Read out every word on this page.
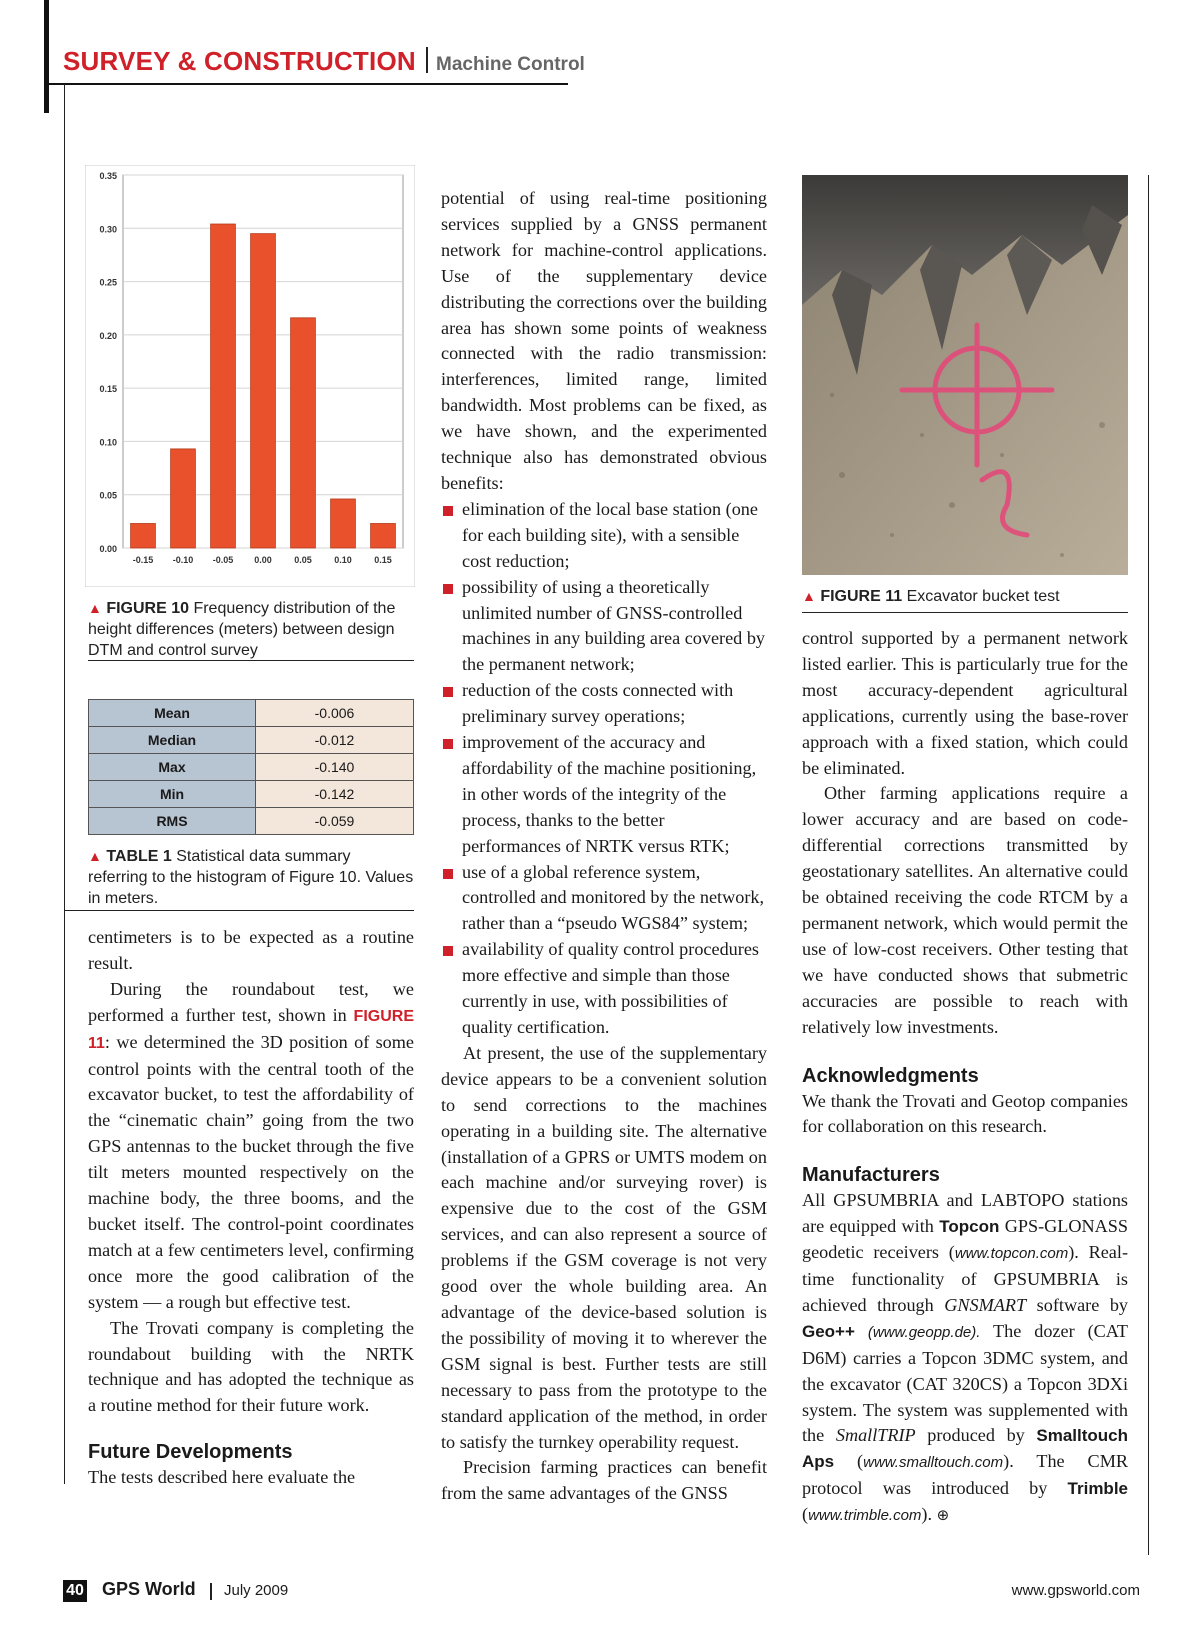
SURVEY & CONSTRUCTION Machine Control
0.35
0.30
0.25
0.20
0.15
0.10
0.05
0.00
-0.15 -0.10 -0.05 0.00 0.05 0.10 0.15
▲ FIGURE 10 Frequency distribution of the height differences (meters) between design DTM and control survey
Mean	-0.006
Median	-0.012
Max	-0.140
Min	-0.142
RMS	-0.059
▲ TABLE 1 Statistical data summary referring to the histogram of Figure 10. Values in meters.

centimeters is to be expected as a routine result.

During the roundabout test, we performed a further test, shown in FIGURE 11: we determined the 3D position of some control points with the central tooth of the excavator bucket, to test the affordability of the “cinematic chain” going from the two GPS antennas to the bucket through the five tilt meters mounted respectively on the machine body, the three booms, and the bucket itself. The control-point coordinates match at a few centimeters level, confirming once more the good calibration of the system — a rough but effective test.

The Trovati company is completing the roundabout building with the NRTK technique and has adopted the technique as a routine method for their future work.

Future Developments

The tests described here evaluate the

potential of using real-time positioning services supplied by a GNSS permanent network for machine-control applications. Use of the supplementary device distributing the corrections over the building area has shown some points of weakness connected with the radio transmission: interferences, limited range, limited bandwidth. Most problems can be fixed, as we have shown, and the experimented technique also has demonstrated obvious benefits:

elimination of the local base station (one for each building site), with a sensible cost reduction;
possibility of using a theoretically unlimited number of GNSS-controlled machines in any building area covered by the permanent network;
reduction of the costs connected with preliminary survey operations;
improvement of the accuracy and affordability of the machine positioning, in other words of the integrity of the process, thanks to the better performances of NRTK versus RTK;
use of a global reference system, controlled and monitored by the network, rather than a “pseudo WGS84” system;
availability of quality control procedures more effective and simple than those currently in use, with possibilities of quality certification.

At present, the use of the supplementary device appears to be a convenient solution to send corrections to the machines operating in a building site. The alternative (installation of a GPRS or UMTS modem on each machine and/or surveying rover) is expensive due to the cost of the GSM services, and can also represent a source of problems if the GSM coverage is not very good over the whole building area. An advantage of the device-based solution is the possibility of moving it to wherever the GSM signal is best. Further tests are still necessary to pass from the prototype to the standard application of the method, in order to satisfy the turnkey operability request.

Precision farming practices can benefit from the same advantages of the GNSS

▲ FIGURE 11 Excavator bucket test

control supported by a permanent network listed earlier. This is particularly true for the most accuracy-dependent agricultural applications, currently using the base-rover approach with a fixed station, which could be eliminated.

Other farming applications require a lower accuracy and are based on code-differential corrections transmitted by geostationary satellites. An alternative could be obtained receiving the code RTCM by a permanent network, which would permit the use of low-cost receivers. Other testing that we have conducted shows that submetric accuracies are possible to reach with relatively low investments.

Acknowledgments

We thank the Trovati and Geotop companies for collaboration on this research.

Manufacturers

All GPSUMBRIA and LABTOPO stations are equipped with Topcon GPS-GLONASS geodetic receivers (www.topcon.com). Real-time functionality of GPSUMBRIA is achieved through GNSMART software by Geo++ (www.geopp.de). The dozer (CAT D6M) carries a Topcon 3DMC system, and the excavator (CAT 320CS) a Topcon 3DXi system. The system was supplemented with the SmallTRIP produced by Smalltouch Aps (www.smalltouch.com). The CMR protocol was introduced by Trimble (www.trimble.com). ⊕

40 GPS World July 2009	www.gpsworld.com
